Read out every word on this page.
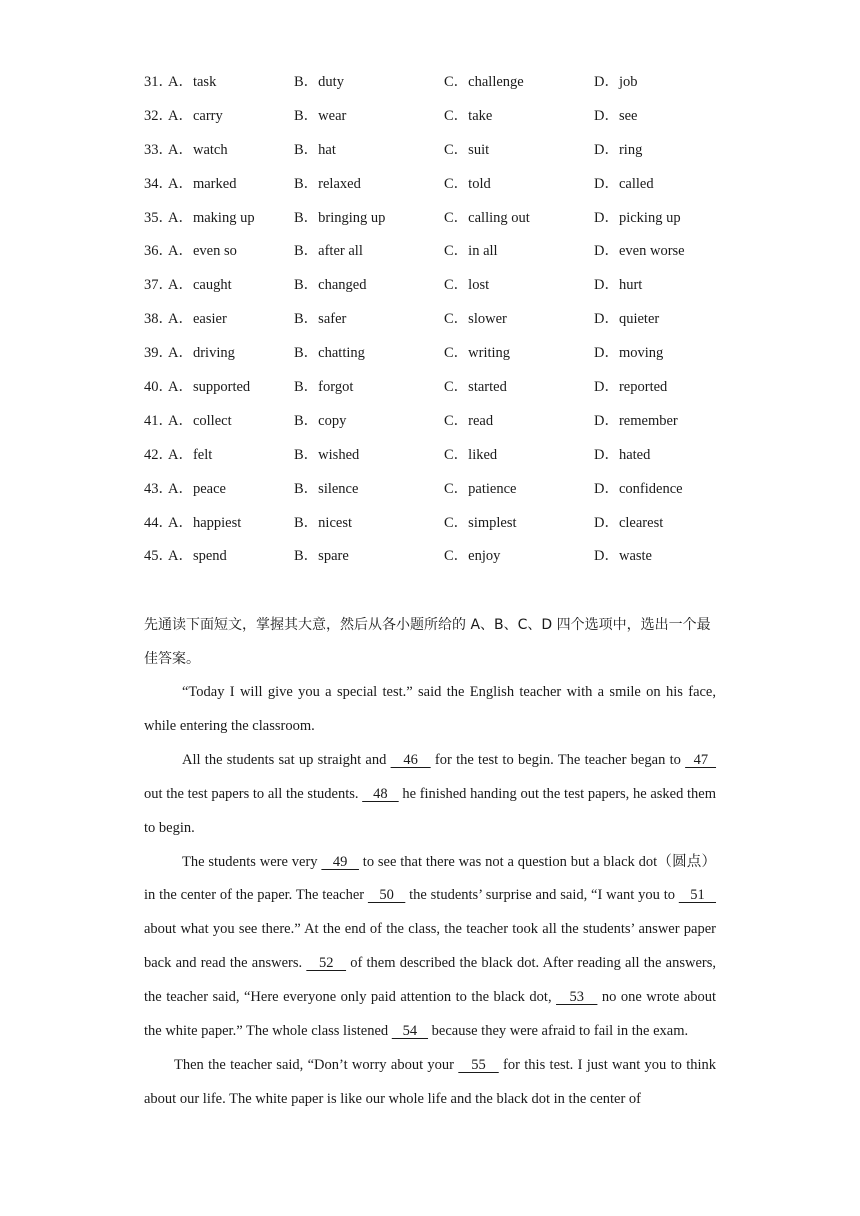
31．
A．task	B．duty	C．challenge	D．job
32．
A．carry	B．wear	C．take	D．see
33．
A．watch	B．hat	C．suit	D．ring
34．
A．marked	B．relaxed	C．told	D．called
35．
A．making up	B．bringing up	C．calling out	D．picking up
36．
A．even so	B．after all	C．in all	D．even worse
37．
A．caught	B．changed	C．lost	D．hurt
38．
A．easier	B．safer	C．slower	D．quieter
39．
A．driving	B．chatting	C．writing	D．moving
40．
A．supported	B．forgot	C．started	D．reported
41．
A．collect	B．copy	C．read	D．remember
42．
A．felt	B．wished	C．liked	D．hated
43．
A．peace	B．silence	C．patience	D．confidence
44．
A．happiest	B．nicest	C．simplest	D．clearest
45．
A．spend	B．spare	C．enjoy	D．waste

先通读下面短文，掌握其大意，然后从各小题所给的 A、B、C、D 四个选项中，选出一个最佳答案。

“Today I will give you a special test.” said the English teacher with a smile on his face, while entering the classroom.

All the students sat up straight and    46    for the test to begin. The teacher began to   47   out the test papers to all the students.    48    he finished handing out the test papers, he asked them to begin.

The students were very    49    to see that there was not a question but a black dot（圆点）in the center of the paper. The teacher    50    the students’ surprise and said, “I want you to    51    about what you see there.” At the end of the class, the teacher took all the students’ answer paper back and read the answers.    52    of them described the black dot. After reading all the answers, the teacher said, “Here everyone only paid attention to the black dot,    53    no one wrote about the white paper.” The whole class listened    54    because they were afraid to fail in the exam.

Then the teacher said, “Don’t worry about your    55    for this test. I just want you to think about our life. The white paper is like our whole life and the black dot in the center of
